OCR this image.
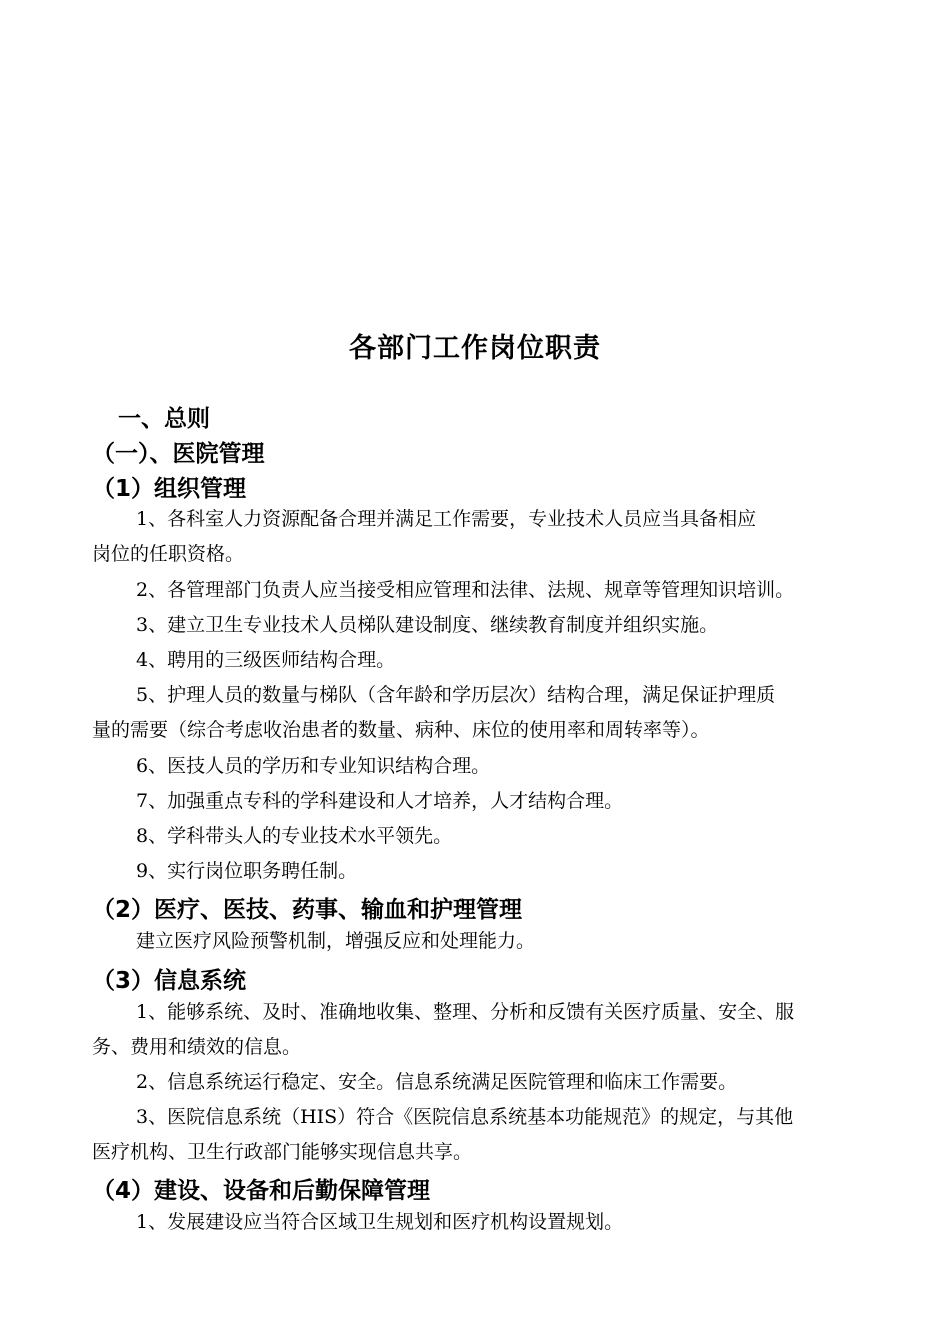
各部门工作岗位职责
一、总则
（一）、医院管理
（1）组织管理
1、各科室人力资源配备合理并满足工作需要，专业技术人员应当具备相应
岗位的任职资格。
2、各管理部门负责人应当接受相应管理和法律、法规、规章等管理知识培训。
3、建立卫生专业技术人员梯队建设制度、继续教育制度并组织实施。
4、聘用的三级医师结构合理。
5、护理人员的数量与梯队（含年龄和学历层次）结构合理，满足保证护理质
量的需要（综合考虑收治患者的数量、病种、床位的使用率和周转率等）。
6、医技人员的学历和专业知识结构合理。
7、加强重点专科的学科建设和人才培养，人才结构合理。
8、学科带头人的专业技术水平领先。
9、实行岗位职务聘任制。
（2）医疗、医技、药事、输血和护理管理
建立医疗风险预警机制，增强反应和处理能力。
（3）信息系统
1、能够系统、及时、准确地收集、整理、分析和反馈有关医疗质量、安全、服
务、费用和绩效的信息。
2、信息系统运行稳定、安全。信息系统满足医院管理和临床工作需要。
3、医院信息系统（HIS）符合《医院信息系统基本功能规范》的规定，与其他
医疗机构、卫生行政部门能够实现信息共享。
（4）建设、设备和后勤保障管理
1、发展建设应当符合区域卫生规划和医疗机构设置规划。
